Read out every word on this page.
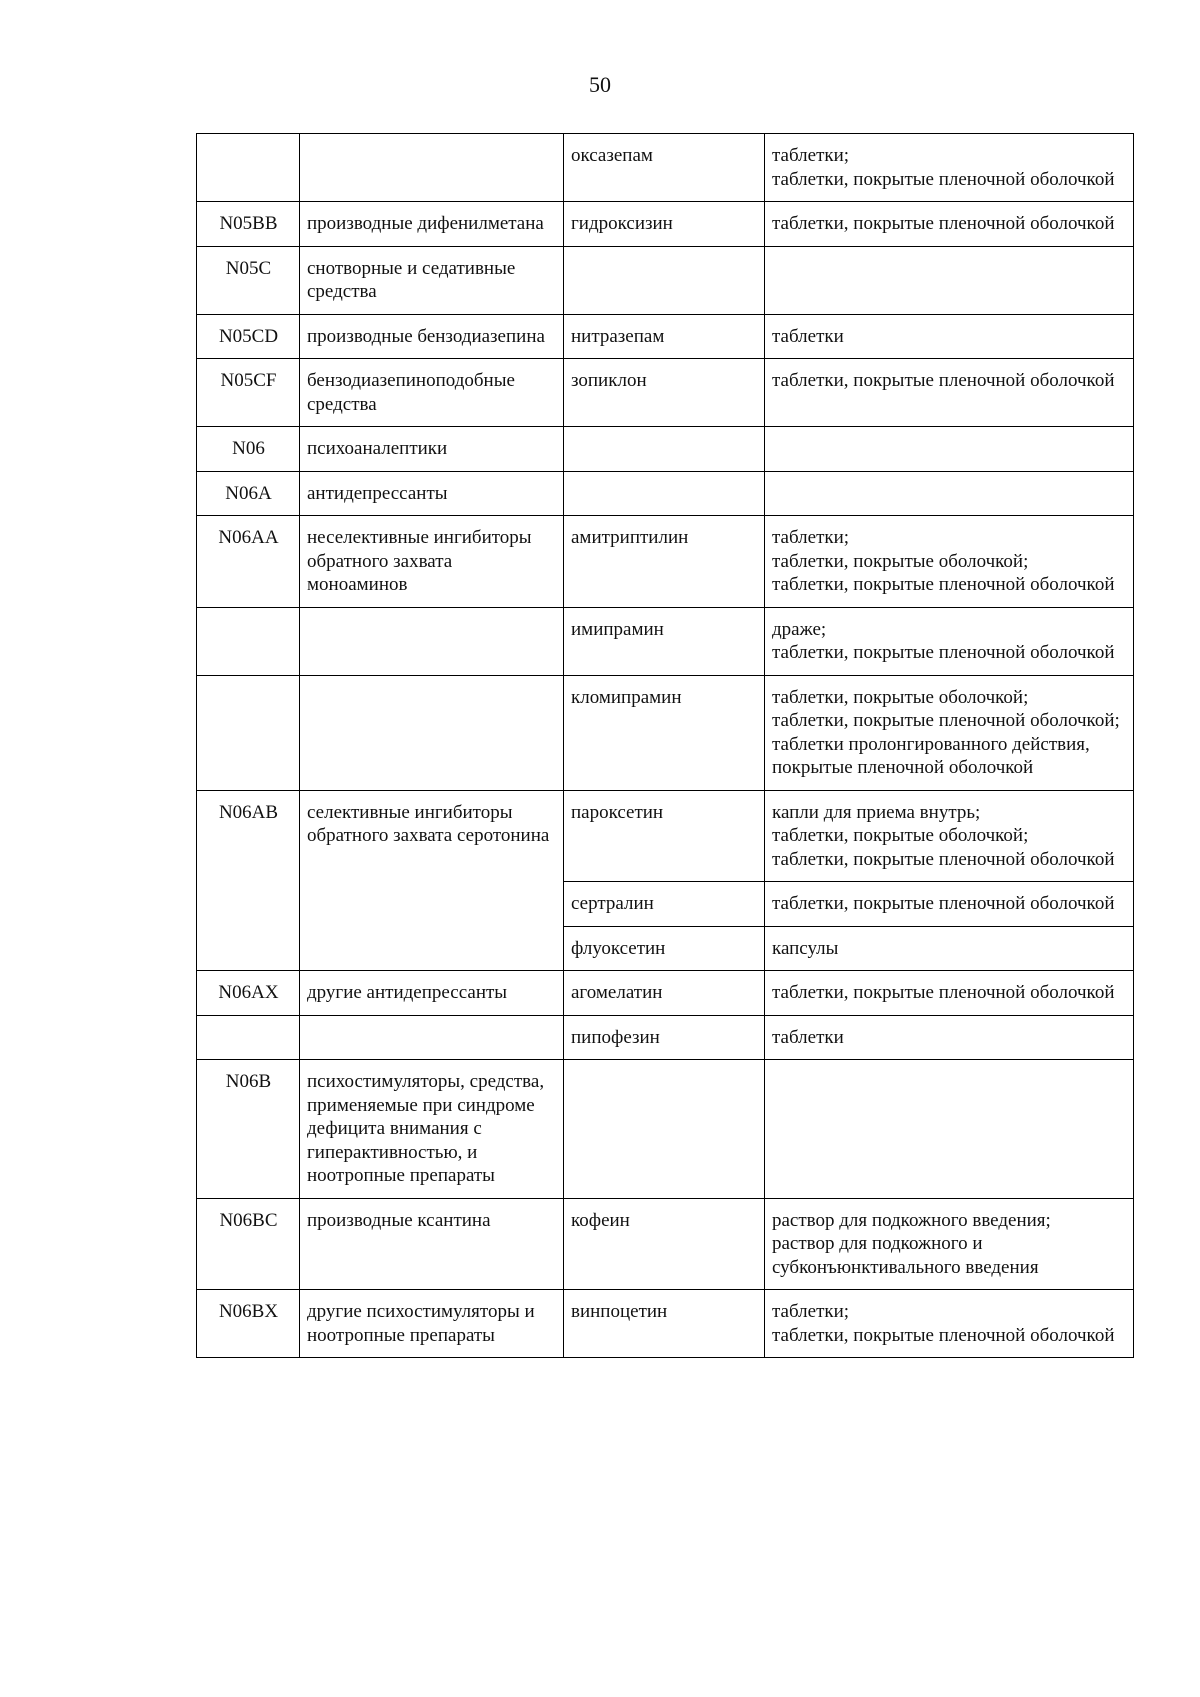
50
		оксазепам	таблетки;
таблетки, покрытые пленочной оболочкой

N05BB	производные дифенилметана	гидроксизин	таблетки, покрытые пленочной оболочкой

N05C	снотворные и седативные средства		
N05CD	производные бензодиазепина	нитразепам	таблетки

N05CF	бензодиазепиноподобные средства	зопиклон	таблетки, покрытые пленочной оболочкой

N06	психоаналептики		
N06A	антидепрессанты		
N06AA	неселективные ингибиторы обратного захвата моноаминов	амитриптилин	таблетки;
таблетки, покрытые оболочкой;
таблетки, покрытые пленочной оболочкой

		имипрамин	драже;
таблетки, покрытые пленочной оболочкой

		кломипрамин	таблетки, покрытые оболочкой;
таблетки, покрытые пленочной оболочкой;
таблетки пролонгированного действия, покрытые пленочной оболочкой

N06AB	селективные ингибиторы обратного захвата серотонина	пароксетин	капли для приема внутрь;
таблетки, покрытые оболочкой;
таблетки, покрытые пленочной оболочкой

		сертралин	таблетки, покрытые пленочной оболочкой

		флуоксетин	капсулы

N06AX	другие антидепрессанты	агомелатин	таблетки, покрытые пленочной оболочкой

		пипофезин	таблетки

N06B	психостимуляторы, средства, применяемые при синдроме дефицита внимания с гиперактивностью, и ноотропные препараты		
N06BC	производные ксантина	кофеин	раствор для подкожного введения;
раствор для подкожного и субконъюнктивального введения

N06BX	другие психостимуляторы и ноотропные препараты	винпоцетин	таблетки;
таблетки, покрытые пленочной оболочкой
